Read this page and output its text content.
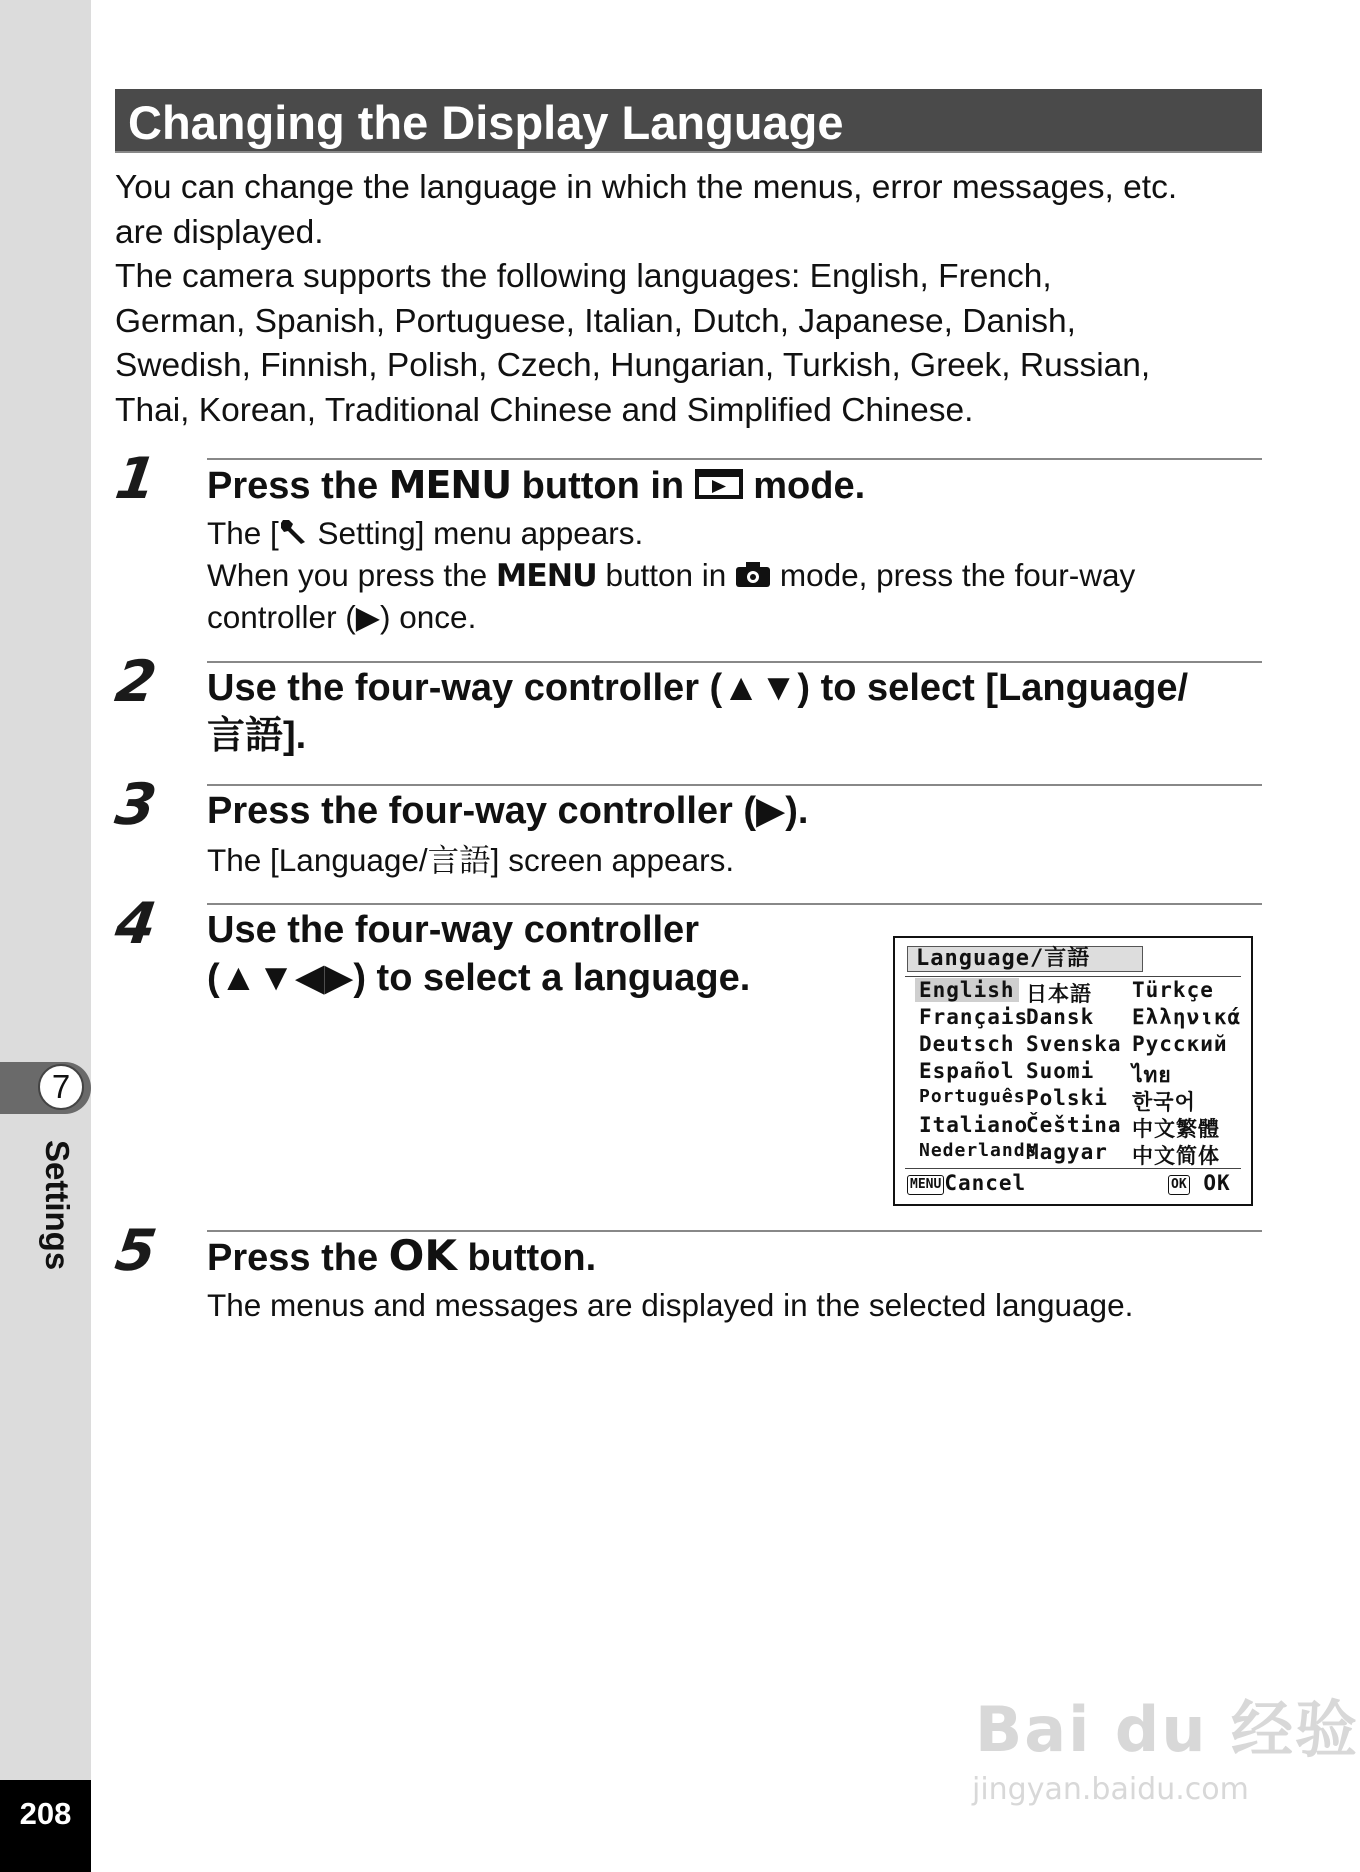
7
Settings
208
Changing the Display Language

You can change the language in which the menus, error messages, etc.

are displayed.

The camera supports the following languages: English, French,

German, Spanish, Portuguese, Italian, Dutch, Japanese, Danish,

Swedish, Finnish, Polish, Czech, Hungarian, Turkish, Greek, Russian,

Thai, Korean, Traditional Chinese and Simplified Chinese.

1 Press the MENU button in  mode.
The [ Setting] menu appears.
When you press the MENU button in  mode, press the four-way
controller (▶) once.
2 Use the four-way controller (▲▼) to select [Language/
言語].
3 Press the four-way controller (▶).
The [Language/言語] screen appears.
4 Use the four-way controller
(▲▼◀▶) to select a language.	Language/言語
English
Français
Deutsch
Español
Português
Italiano
Nederlands
日本語
Dansk
Svenska
Suomi
Polski
Čeština
Magyar
Türkçe
Ελληνικά
Русский
ไทย
한국어
中文繁體
中文简体
MENU Cancel	OK OK
5 Press the OK button.
The menus and messages are displayed in the selected language.
Bai du 经验
jingyan.baidu.com
